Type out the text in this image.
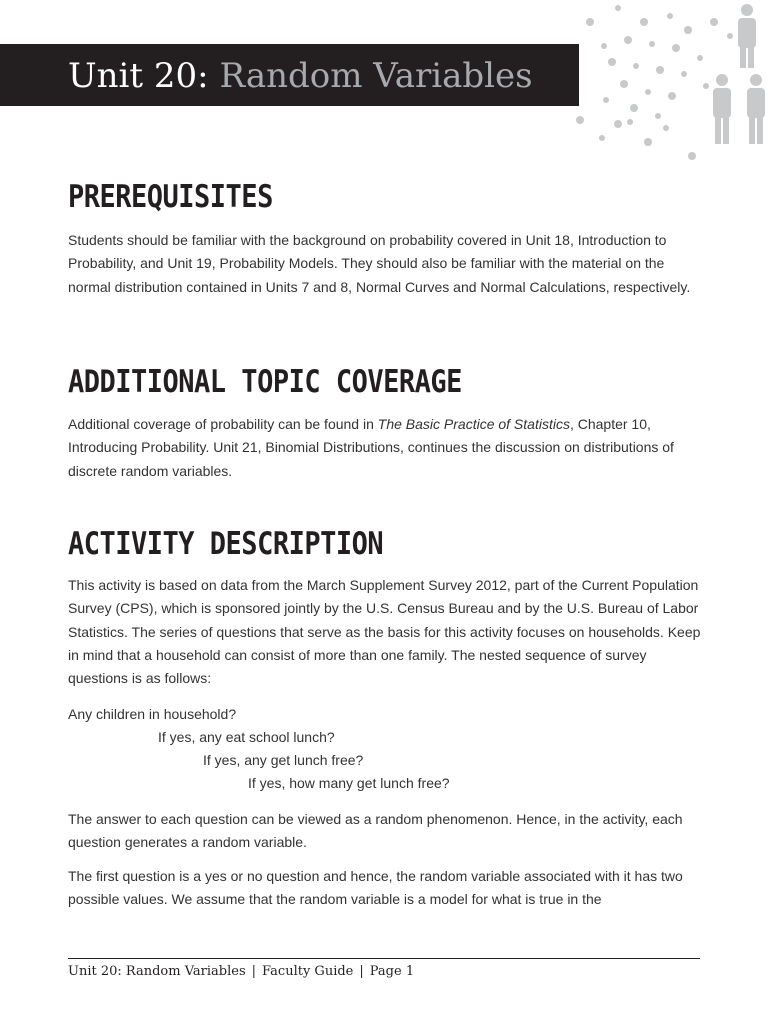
Unit 20: Random Variables
PREREQUISITES

Students should be familiar with the background on probability covered in Unit 18, Introduction to Probability, and Unit 19, Probability Models. They should also be familiar with the material on the normal distribution contained in Units 7 and 8, Normal Curves and Normal Calculations, respectively.

ADDITIONAL TOPIC COVERAGE

Additional coverage of probability can be found in The Basic Practice of Statistics, Chapter 10, Introducing Probability. Unit 21, Binomial Distributions, continues the discussion on distributions of discrete random variables.

ACTIVITY DESCRIPTION

This activity is based on data from the March Supplement Survey 2012, part of the Current Population Survey (CPS), which is sponsored jointly by the U.S. Census Bureau and by the U.S. Bureau of Labor Statistics. The series of questions that serve as the basis for this activity focuses on households. Keep in mind that a household can consist of more than one family. The nested sequence of survey questions is as follows:

Any children in household?
If yes, any eat school lunch?
If yes, any get lunch free?
If yes, how many get lunch free?

The answer to each question can be viewed as a random phenomenon. Hence, in the activity, each question generates a random variable.

The first question is a yes or no question and hence, the random variable associated with it has two possible values. We assume that the random variable is a model for what is true in the

Unit 20: Random Variables | Faculty Guide | Page 1
